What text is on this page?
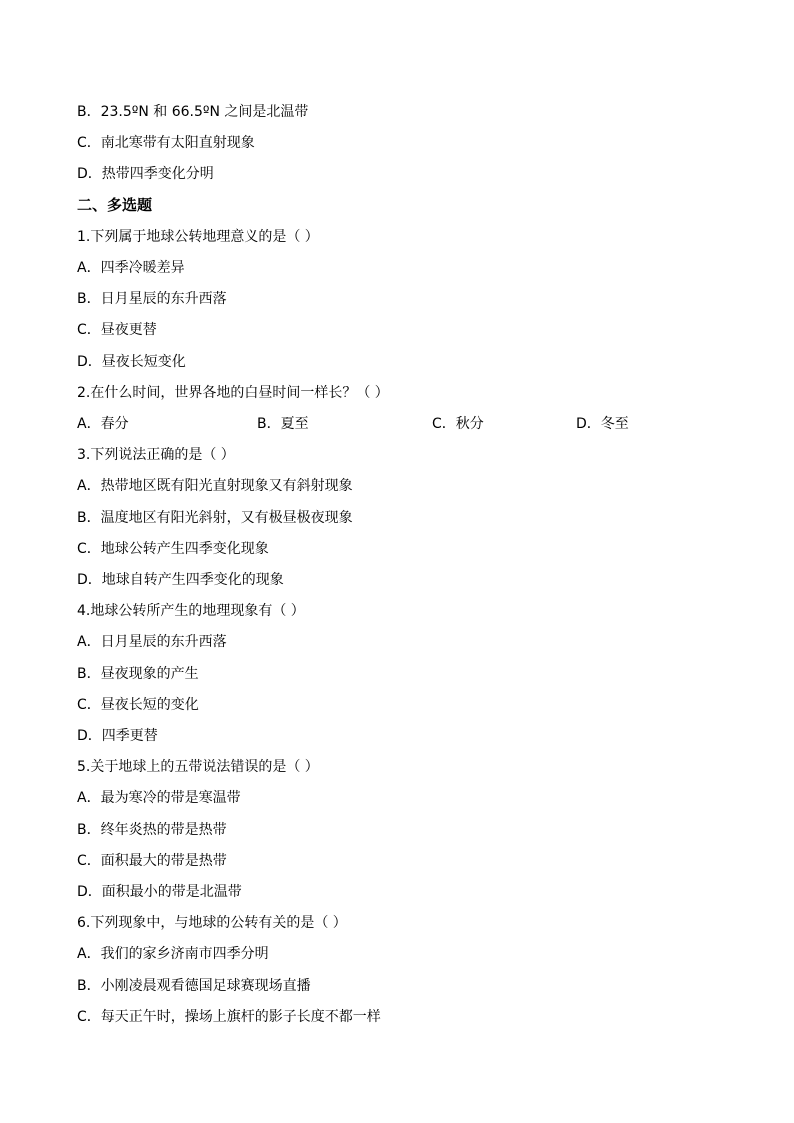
B．23.5ºN 和 66.5ºN 之间是北温带
C．南北寒带有太阳直射现象
D．热带四季变化分明
二、多选题
1.下列属于地球公转地理意义的是（ ）
A．四季冷暖差异
B．日月星辰的东升西落
C．昼夜更替
D．昼夜长短变化
2.在什么时间，世界各地的白昼时间一样长？（ ）
A．春分	B．夏至	C．秋分	D．冬至
3.下列说法正确的是（ ）
A．热带地区既有阳光直射现象又有斜射现象
B．温度地区有阳光斜射，又有极昼极夜现象
C．地球公转产生四季变化现象
D．地球自转产生四季变化的现象
4.地球公转所产生的地理现象有（ ）
A．日月星辰的东升西落
B．昼夜现象的产生
C．昼夜长短的变化
D．四季更替
5.关于地球上的五带说法错误的是（ ）
A．最为寒冷的带是寒温带
B．终年炎热的带是热带
C．面积最大的带是热带
D．面积最小的带是北温带
6.下列现象中，与地球的公转有关的是（ ）
A．我们的家乡济南市四季分明
B．小刚凌晨观看德国足球赛现场直播
C．每天正午时，操场上旗杆的影子长度不都一样
